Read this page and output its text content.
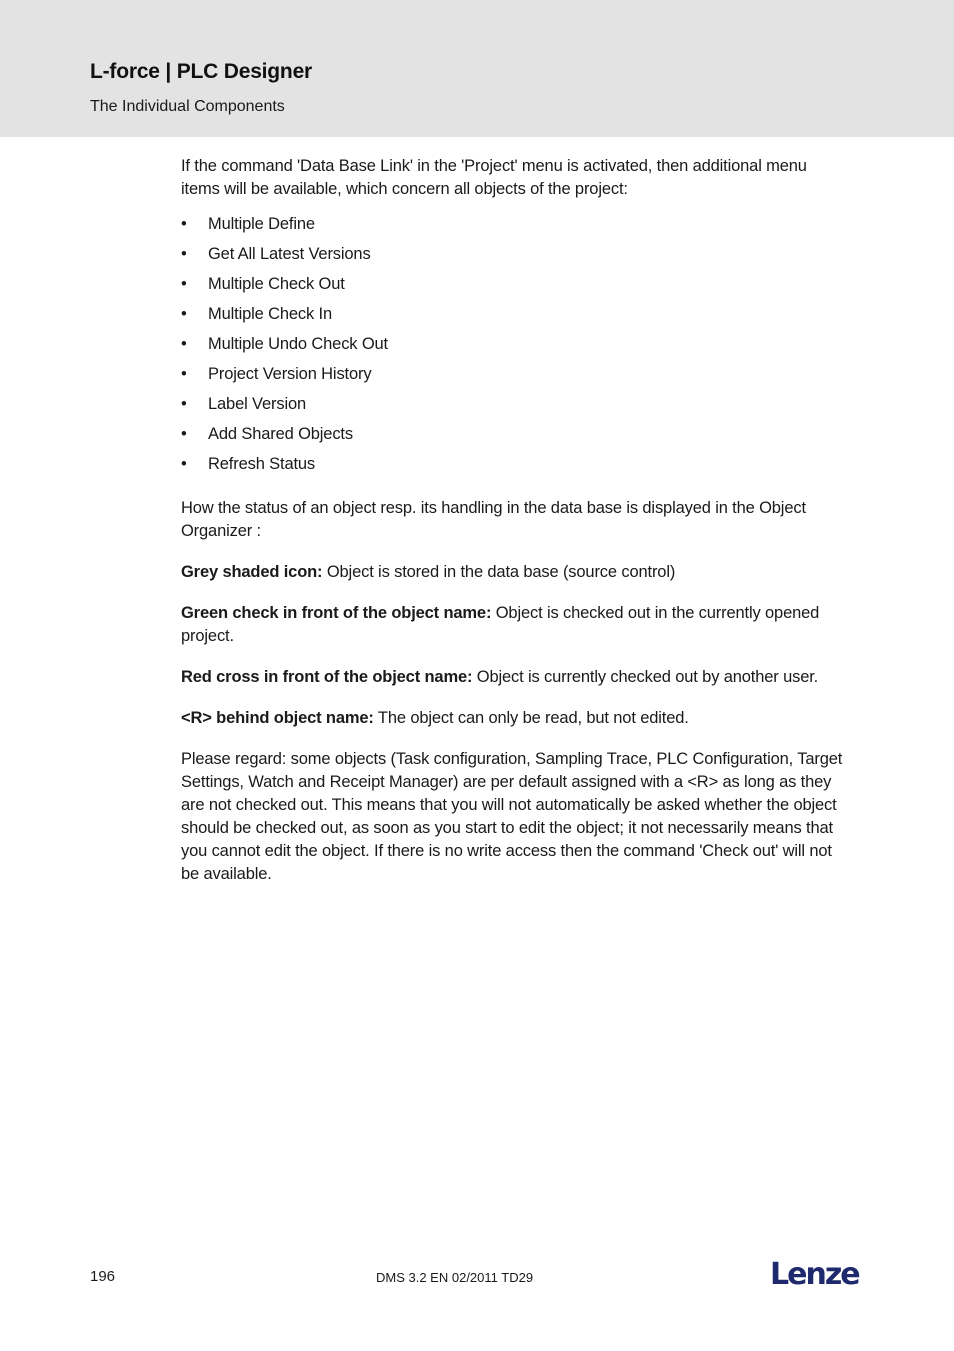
L-force | PLC Designer
The Individual Components

If the command 'Data Base Link' in the 'Project' menu is activated, then additional menu items will be available, which concern all objects of the project:

• Multiple Define
• Get All Latest Versions
• Multiple Check Out
• Multiple Check In
• Multiple Undo Check Out
• Project Version History
• Label Version
• Add Shared Objects
• Refresh Status

How the status of an object resp. its handling in the data base is displayed in the Object Organizer :

Grey shaded icon: Object is stored in the data base (source control)

Green check in front of the object name: Object is checked out in the currently opened project.

Red cross in front of the object name: Object is currently checked out by another user.

<R> behind object name: The object can only be read, but not edited.

Please regard: some objects (Task configuration, Sampling Trace, PLC Configuration, Target Settings, Watch and Receipt Manager) are per default assigned with a <R> as long as they are not checked out. This means that you will not automatically be asked whether the object should be checked out, as soon as you start to edit the object; it not necessarily means that you cannot edit the object. If there is no write access then the command 'Check out' will not be available.

196	DMS 3.2 EN 02/2011 TD29	Lenze
